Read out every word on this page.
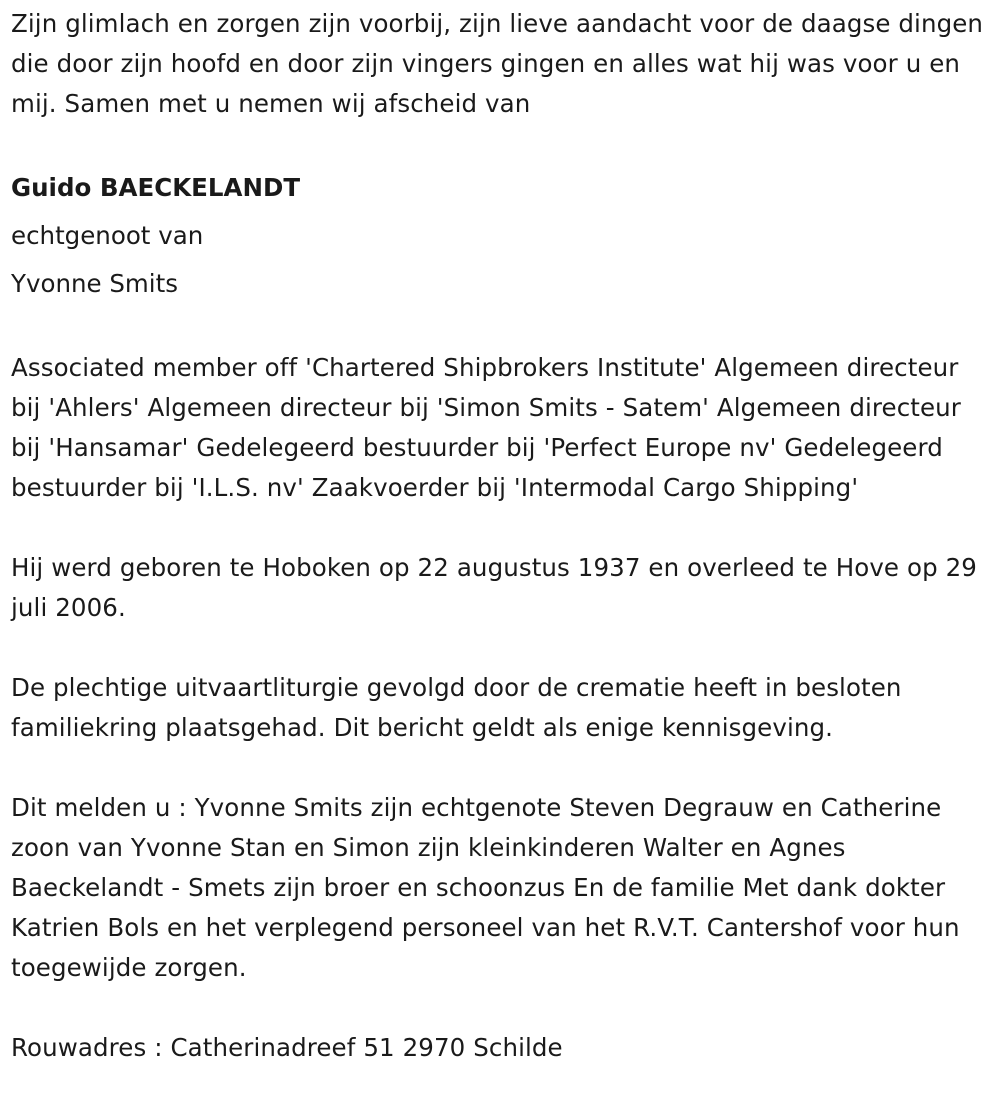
Zijn glimlach en zorgen zijn voorbij, zijn lieve aandacht voor de daagse dingen die door zijn hoofd en door zijn vingers gingen en alles wat hij was voor u en mij. Samen met u nemen wij afscheid van

Guido BAECKELANDT

echtgenoot van

Yvonne Smits

Associated member off 'Chartered Shipbrokers Institute' Algemeen directeur bij 'Ahlers' Algemeen directeur bij 'Simon Smits - Satem' Algemeen directeur bij 'Hansamar' Gedelegeerd bestuurder bij 'Perfect Europe nv' Gedelegeerd bestuurder bij 'I.L.S. nv' Zaakvoerder bij 'Intermodal Cargo Shipping'

Hij werd geboren te Hoboken op 22 augustus 1937 en overleed te Hove op 29 juli 2006.

De plechtige uitvaartliturgie gevolgd door de crematie heeft in besloten familiekring plaatsgehad. Dit bericht geldt als enige kennisgeving.

Dit melden u : Yvonne Smits zijn echtgenote Steven Degrauw en Catherine zoon van Yvonne Stan en Simon zijn kleinkinderen Walter en Agnes Baeckelandt - Smets zijn broer en schoonzus En de familie Met dank dokter Katrien Bols en het verplegend personeel van het R.V.T. Cantershof voor hun toegewijde zorgen.

Rouwadres : Catherinadreef 51 2970 Schilde
